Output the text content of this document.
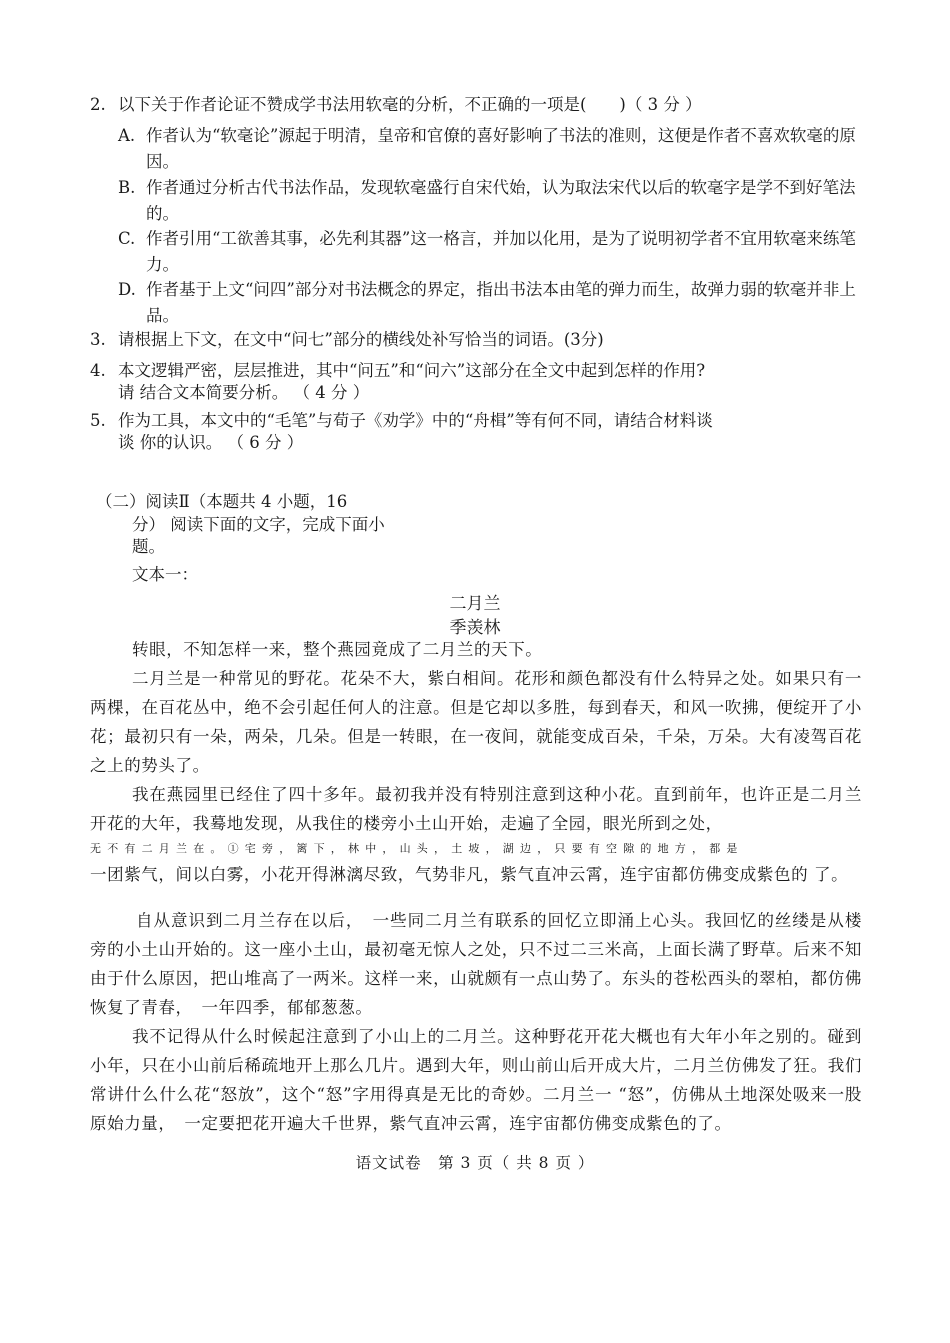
2. 以下关于作者论证不赞成学书法用软毫的分析，不正确的一项是(　　)（ 3 分 ）
A. 作者认为“软毫论”源起于明清，皇帝和官僚的喜好影响了书法的准则，这便是作者不喜欢软毫的原因。
B. 作者通过分析古代书法作品，发现软毫盛行自宋代始，认为取法宋代以后的软毫字是学不到好笔法的。
C. 作者引用“工欲善其事，必先利其器”这一格言，并加以化用，是为了说明初学者不宜用软毫来练笔力。
D. 作者基于上文“问四”部分对书法概念的界定，指出书法本由笔的弹力而生，故弹力弱的软毫并非上品。
3. 请根据上下文，在文中“问七”部分的横线处补写恰当的词语。(3分)
4. 本文逻辑严密，层层推进，其中“问五”和“问六”这部分在全文中起到怎样的作用?
请 结合文本简要分析。 （ 4 分 ）
5. 作为工具，本文中的“毛笔”与荀子《劝学》中的“舟楫”等有何不同，请结合材料谈
谈 你的认识。 （ 6 分 ）
（二）阅读Ⅱ（本题共 4 小题，16
分） 阅读下面的文字，完成下面小
题。
文本一：
二月兰
季羡林
转眼，不知怎样一来，整个燕园竟成了二月兰的天下。
二月兰是一种常见的野花。花朵不大，紫白相间。花形和颜色都没有什么特异之处。如果只有一两棵，在百花丛中，绝不会引起任何人的注意。但是它却以多胜，每到春天，和风一吹拂，便绽开了小花；最初只有一朵，两朵，几朵。但是一转眼，在一夜间，就能变成百朵，千朵，万朵。大有凌驾百花之上的势头了。
我在燕园里已经住了四十多年。最初我并没有特别注意到这种小花。直到前年，也许正是二月兰开花的大年，我蓦地发现，从我住的楼旁小土山开始，走遍了全园，眼光所到之处，
无不有二月兰在。①宅旁，篱下，林中，山头，土坡，湖边，只要有空隙的地方，都是
一团紫气，间以白雾，小花开得淋漓尽致，气势非凡，紫气直冲云霄，连宇宙都仿佛变成紫色的 了。
自从意识到二月兰存在以后，　一些同二月兰有联系的回忆立即涌上心头。我回忆的丝缕是从楼旁的小土山开始的。这一座小土山，最初毫无惊人之处，只不过二三米高，上面长满了野草。后来不知由于什么原因，把山堆高了一两米。这样一来，山就颇有一点山势了。东头的苍松西头的翠柏，都仿佛恢复了青春，　一年四季，郁郁葱葱。
我不记得从什么时候起注意到了小山上的二月兰。这种野花开花大概也有大年小年之别的。碰到小年，只在小山前后稀疏地开上那么几片。遇到大年，则山前山后开成大片，二月兰仿佛发了狂。我们常讲什么什么花“怒放”，这个“怒”字用得真是无比的奇妙。二月兰一 “怒”，仿佛从土地深处吸来一股原始力量，　一定要把花开遍大千世界，紫气直冲云霄，连宇宙都仿佛变成紫色的了。
语文试卷　第 3 页（ 共 8 页 ）
